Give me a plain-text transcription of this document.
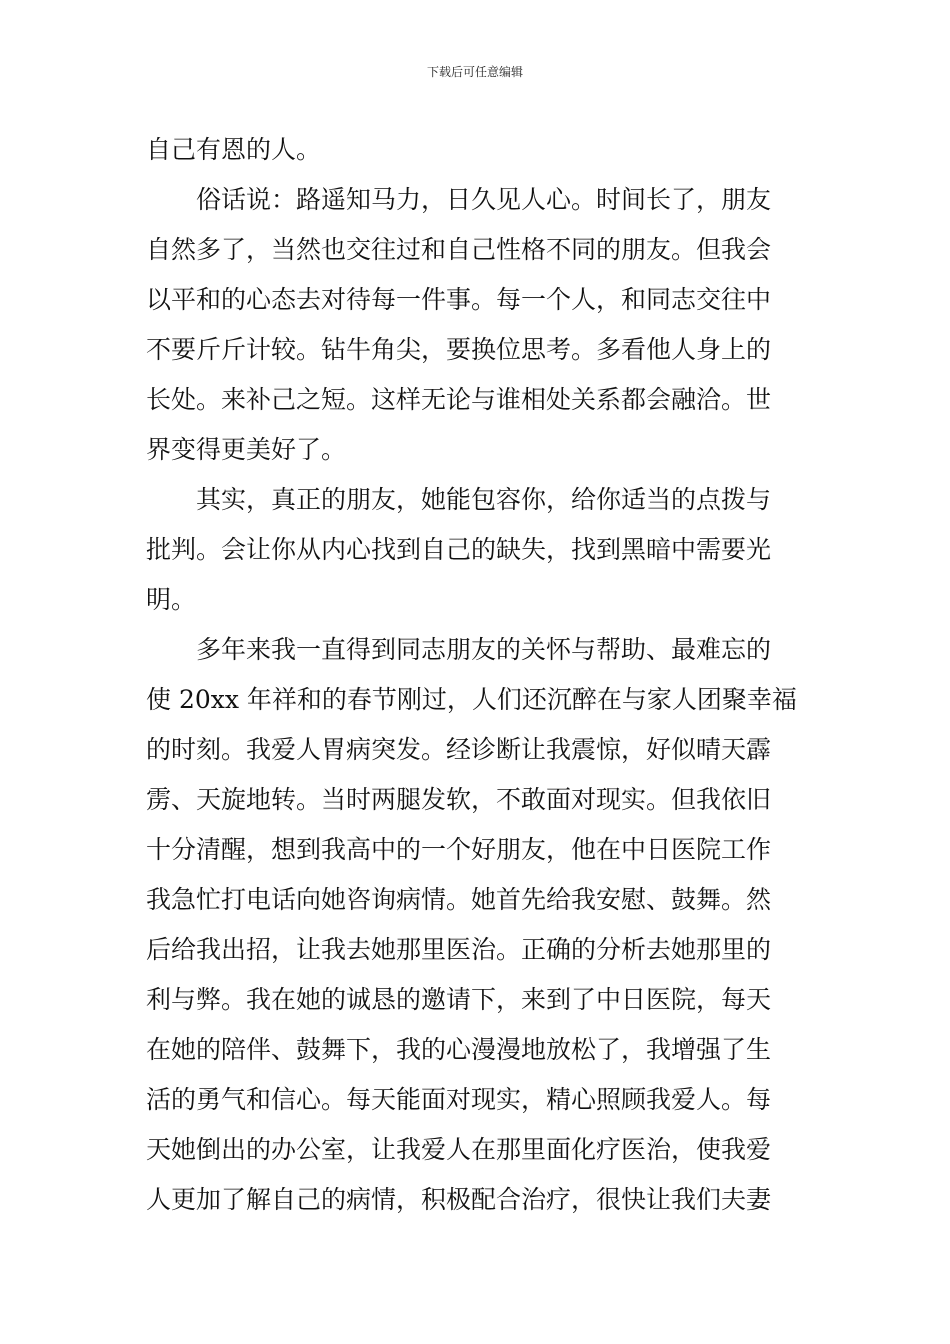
下载后可任意编辑
自己有恩的人。
俗话说：路遥知马力，日久见人心。时间长了，朋友
自然多了，当然也交往过和自己性格不同的朋友。但我会
以平和的心态去对待每一件事。每一个人，和同志交往中
不要斤斤计较。钻牛角尖，要换位思考。多看他人身上的
长处。来补己之短。这样无论与谁相处关系都会融洽。世
界变得更美好了。
其实，真正的朋友，她能包容你，给你适当的点拨与
批判。会让你从内心找到自己的缺失，找到黑暗中需要光
明。
多年来我一直得到同志朋友的关怀与帮助、最难忘的
使 20xx 年祥和的春节刚过，人们还沉醉在与家人团聚幸福
的时刻。我爱人胃病突发。经诊断让我震惊，好似晴天霹
雳、天旋地转。当时两腿发软，不敢面对现实。但我依旧
十分清醒，想到我高中的一个好朋友，他在中日医院工作
我急忙打电话向她咨询病情。她首先给我安慰、鼓舞。然
后给我出招，让我去她那里医治。正确的分析去她那里的
利与弊。我在她的诚恳的邀请下，来到了中日医院，每天
在她的陪伴、鼓舞下，我的心漫漫地放松了，我增强了生
活的勇气和信心。每天能面对现实，精心照顾我爱人。每
天她倒出的办公室，让我爱人在那里面化疗医治，使我爱
人更加了解自己的病情，积极配合治疗，很快让我们夫妻
